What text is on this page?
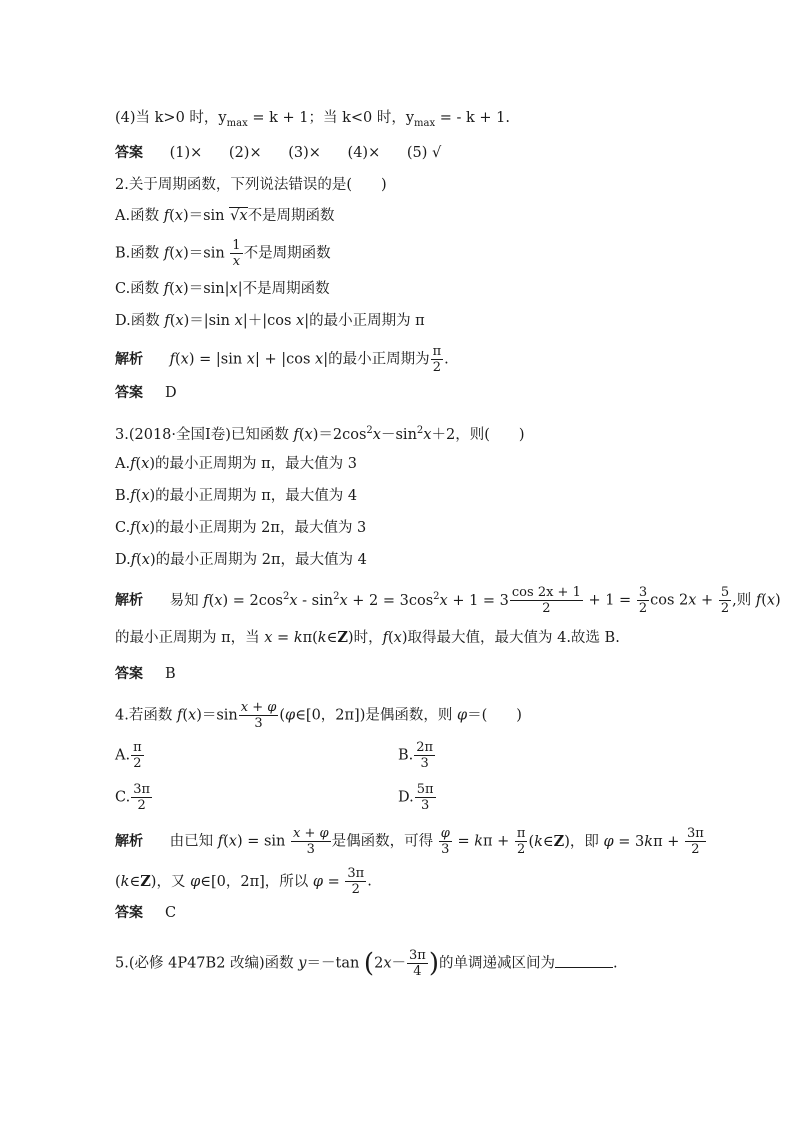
(4)当 k>0 时，$y_{max} = k + 1$；当 k<0 时，$y_{max}$ = - k + 1.
答案 (1)× (2)× (3)× (4)× (5) √
2.关于周期函数，下列说法错误的是(　　)
A.函数 f(x)＝sin √x不是周期函数
B.函数 $f(x)=\sin \frac{1}{x}$ 不是周期函数
C.函数 f(x)＝sin|x|不是周期函数
D.函数 f(x)＝|sin x|＋|cos x|的最小正周期为 π
解析 f(x) = |sin x| + |cos x|的最小正周期为 $\frac{\pi}{2}$ .
答案 D
3.(2018·全国Ⅰ卷)已知函数 $f(x)=2\cos^2x-\sin^2x+2$，则(　　)
A.f(x)的最小正周期为 π，最大值为 3
B.f(x)的最小正周期为 π，最大值为 4
C.f(x)的最小正周期为 2π，最大值为 3
D.f(x)的最小正周期为 2π，最大值为 4
解析 易知 $f(x) = 2\cos^2x - \sin^2x + 2 = 3\cos^2x + 1 = 3 \frac{\cos 2x + 1}{2} + 1 = \frac{3}{2}$ $\cos 2x + \frac{5}{2}$ ,则 f(x)
的最小正周期为 π，当 x = kπ(k∈Z)时，f(x)取得最大值，最大值为 4.故选 B.
答案 B
4.若函数 $f(x)=\sin \frac{x + \varphi}{3}$ (φ∈[0，2π])是偶函数，则 φ＝(　　)
A. $\frac{\pi}{2}$	B. $\frac{2\pi}{3}$
C. $\frac{3\pi}{2}$	D. $\frac{5\pi}{3}$
解析 由已知 $f(x) = \sin \frac{x + \varphi}{3}$ 是偶函数，可得 $\frac{\varphi}{3} = k\pi + \frac{\pi}{2}$ (k∈Z)，即 $\varphi = 3k\pi + \frac{3\pi}{2}$
(k∈Z)，又 φ∈[0，2π]，所以 $\varphi = \frac{3\pi}{2}$ .
答案 C
5.(必修 4P47B2 改编)函数 y＝－tan ($2x- \frac{3\pi}{4}$ )的单调递减区间为	.
